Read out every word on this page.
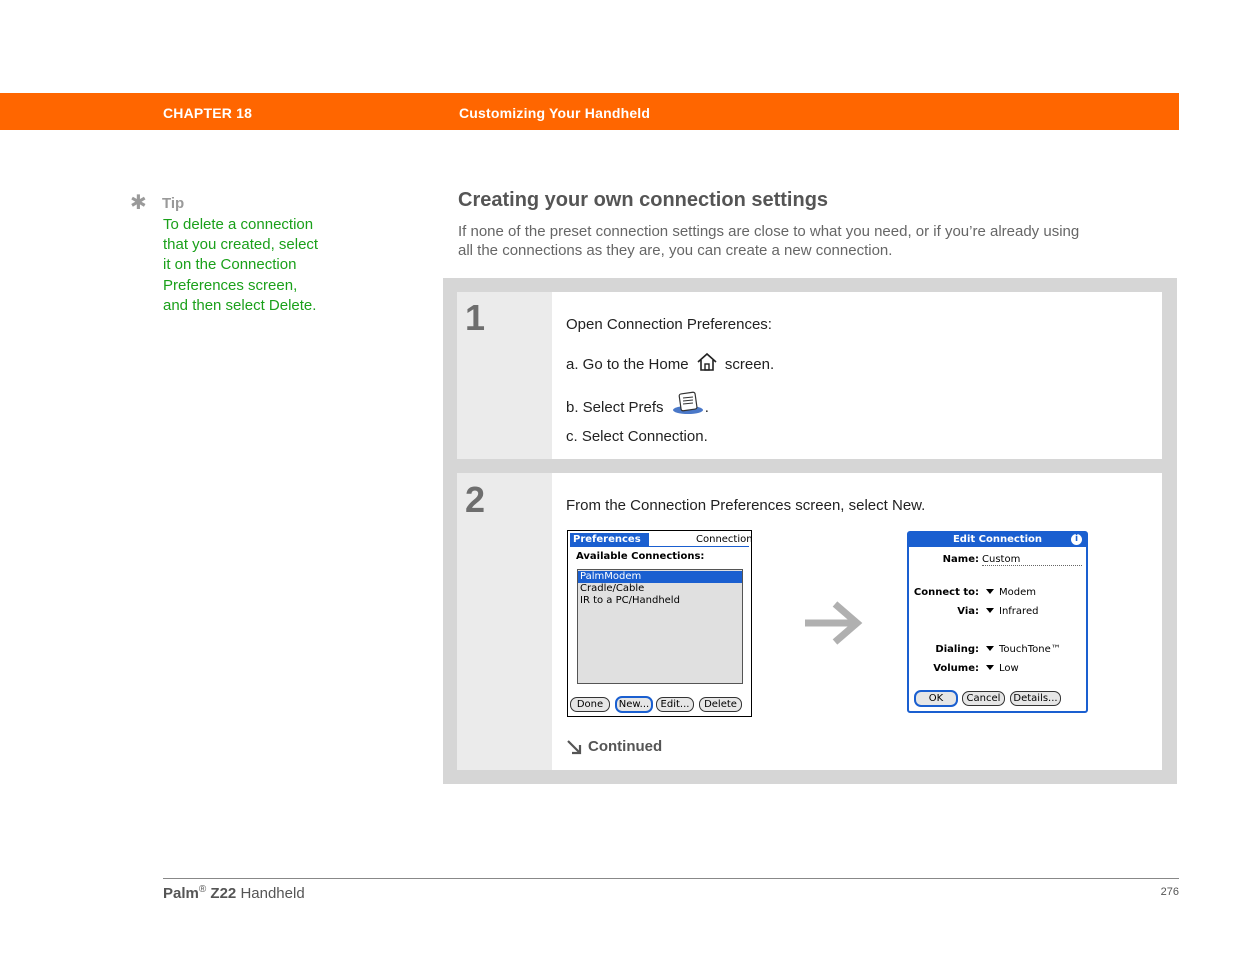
CHAPTER 18	Customizing Your Handheld
✱ Tip
To delete a connection
that you created, select
it on the Connection
Preferences screen,
and then select Delete.
Creating your own connection settings
If none of the preset connection settings are close to what you need, or if you’re already using
all the connections as they are, you can create a new connection.
1	Open Connection Preferences:
a. Go to the Home screen.
b. Select Prefs	.
c. Select Connection.
2	From the Connection Preferences screen, select New.
Preferences	Connection
Available Connections:
PalmModem
Cradle/Cable
IR to a PC/Handheld
Done	New...	Edit...	Delete
Edit Connection	i
Name: Custom
Connect to:	Modem
Via:	Infrared
Dialing:	TouchTone™
Volume:	Low
OK	Cancel	Details...
Continued
Palm® Z22 Handheld	276
